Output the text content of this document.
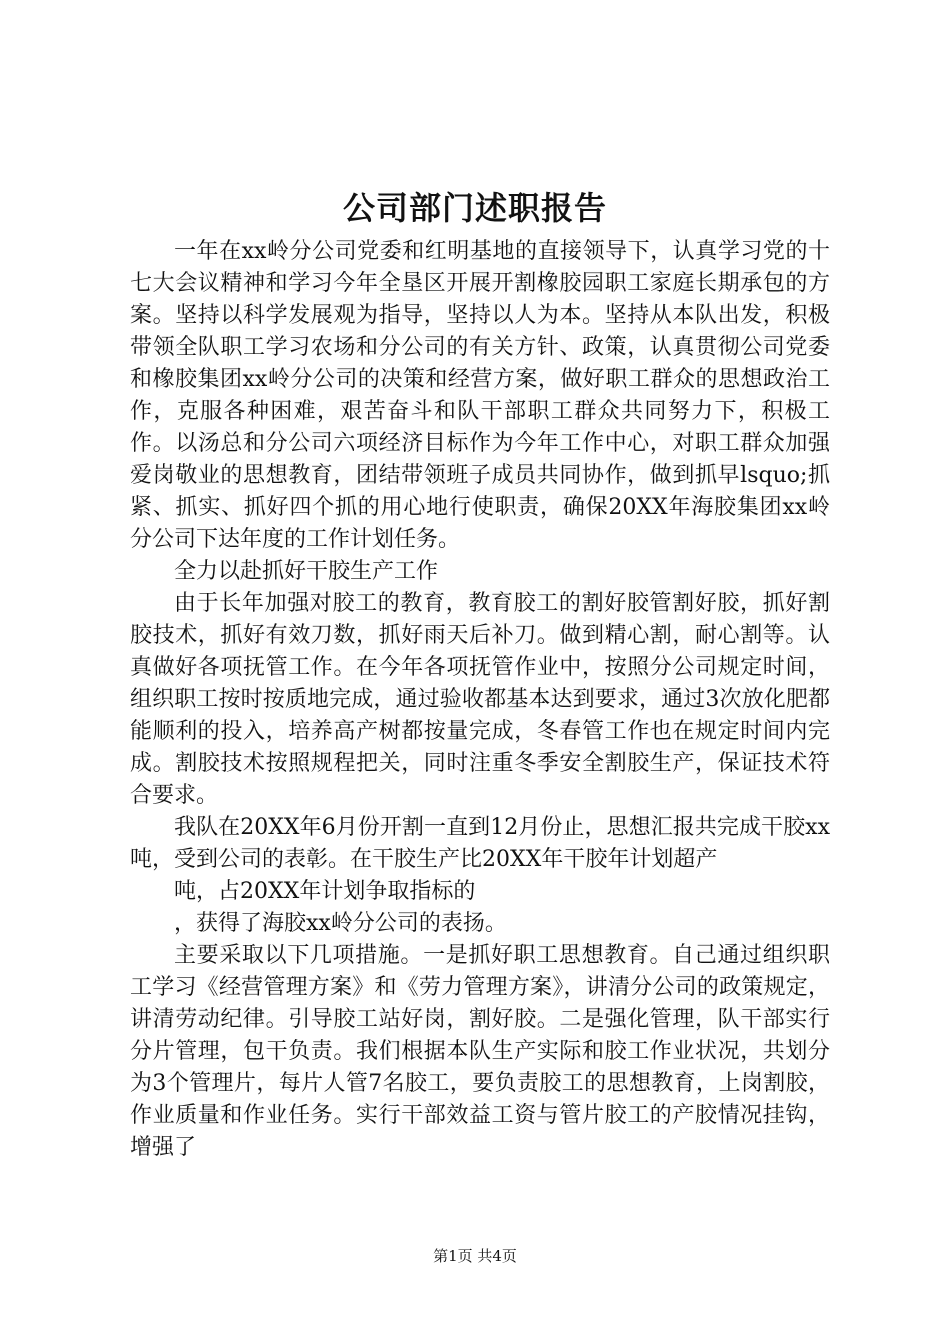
公司部门述职报告

一年在xx岭分公司党委和红明基地的直接领导下，认真学习党的十七大会议精神和学习今年全垦区开展开割橡胶园职工家庭长期承包的方案。坚持以科学发展观为指导，坚持以人为本。坚持从本队出发，积极带领全队职工学习农场和分公司的有关方针、政策，认真贯彻公司党委和橡胶集团xx岭分公司的决策和经营方案，做好职工群众的思想政治工作，克服各种困难，艰苦奋斗和队干部职工群众共同努力下，积极工作。以汤总和分公司六项经济目标作为今年工作中心，对职工群众加强爱岗敬业的思想教育，团结带领班子成员共同协作，做到抓早lsquo;抓紧、抓实、抓好四个抓的用心地行使职责，确保20XX年海胶集团xx岭分公司下达年度的工作计划任务。

全力以赴抓好干胶生产工作

由于长年加强对胶工的教育，教育胶工的割好胶管割好胶，抓好割胶技术，抓好有效刀数，抓好雨天后补刀。做到精心割，耐心割等。认真做好各项抚管工作。在今年各项抚管作业中，按照分公司规定时间，组织职工按时按质地完成，通过验收都基本达到要求，通过3次放化肥都能顺利的投入，培养高产树都按量完成，冬春管工作也在规定时间内完成。割胶技术按照规程把关，同时注重冬季安全割胶生产，保证技术符合要求。

我队在20XX年6月份开割一直到12月份止，思想汇报共完成干胶xx吨，受到公司的表彰。在干胶生产比20XX年干胶年计划超产

吨，占20XX年计划争取指标的

，获得了海胶xx岭分公司的表扬。

主要采取以下几项措施。一是抓好职工思想教育。自己通过组织职工学习《经营管理方案》和《劳力管理方案》，讲清分公司的政策规定，讲清劳动纪律。引导胶工站好岗，割好胶。二是强化管理，队干部实行分片管理，包干负责。我们根据本队生产实际和胶工作业状况，共划分为3个管理片，每片人管7名胶工，要负责胶工的思想教育，上岗割胶，作业质量和作业任务。实行干部效益工资与管片胶工的产胶情况挂钩，增强了

第1页 共4页
